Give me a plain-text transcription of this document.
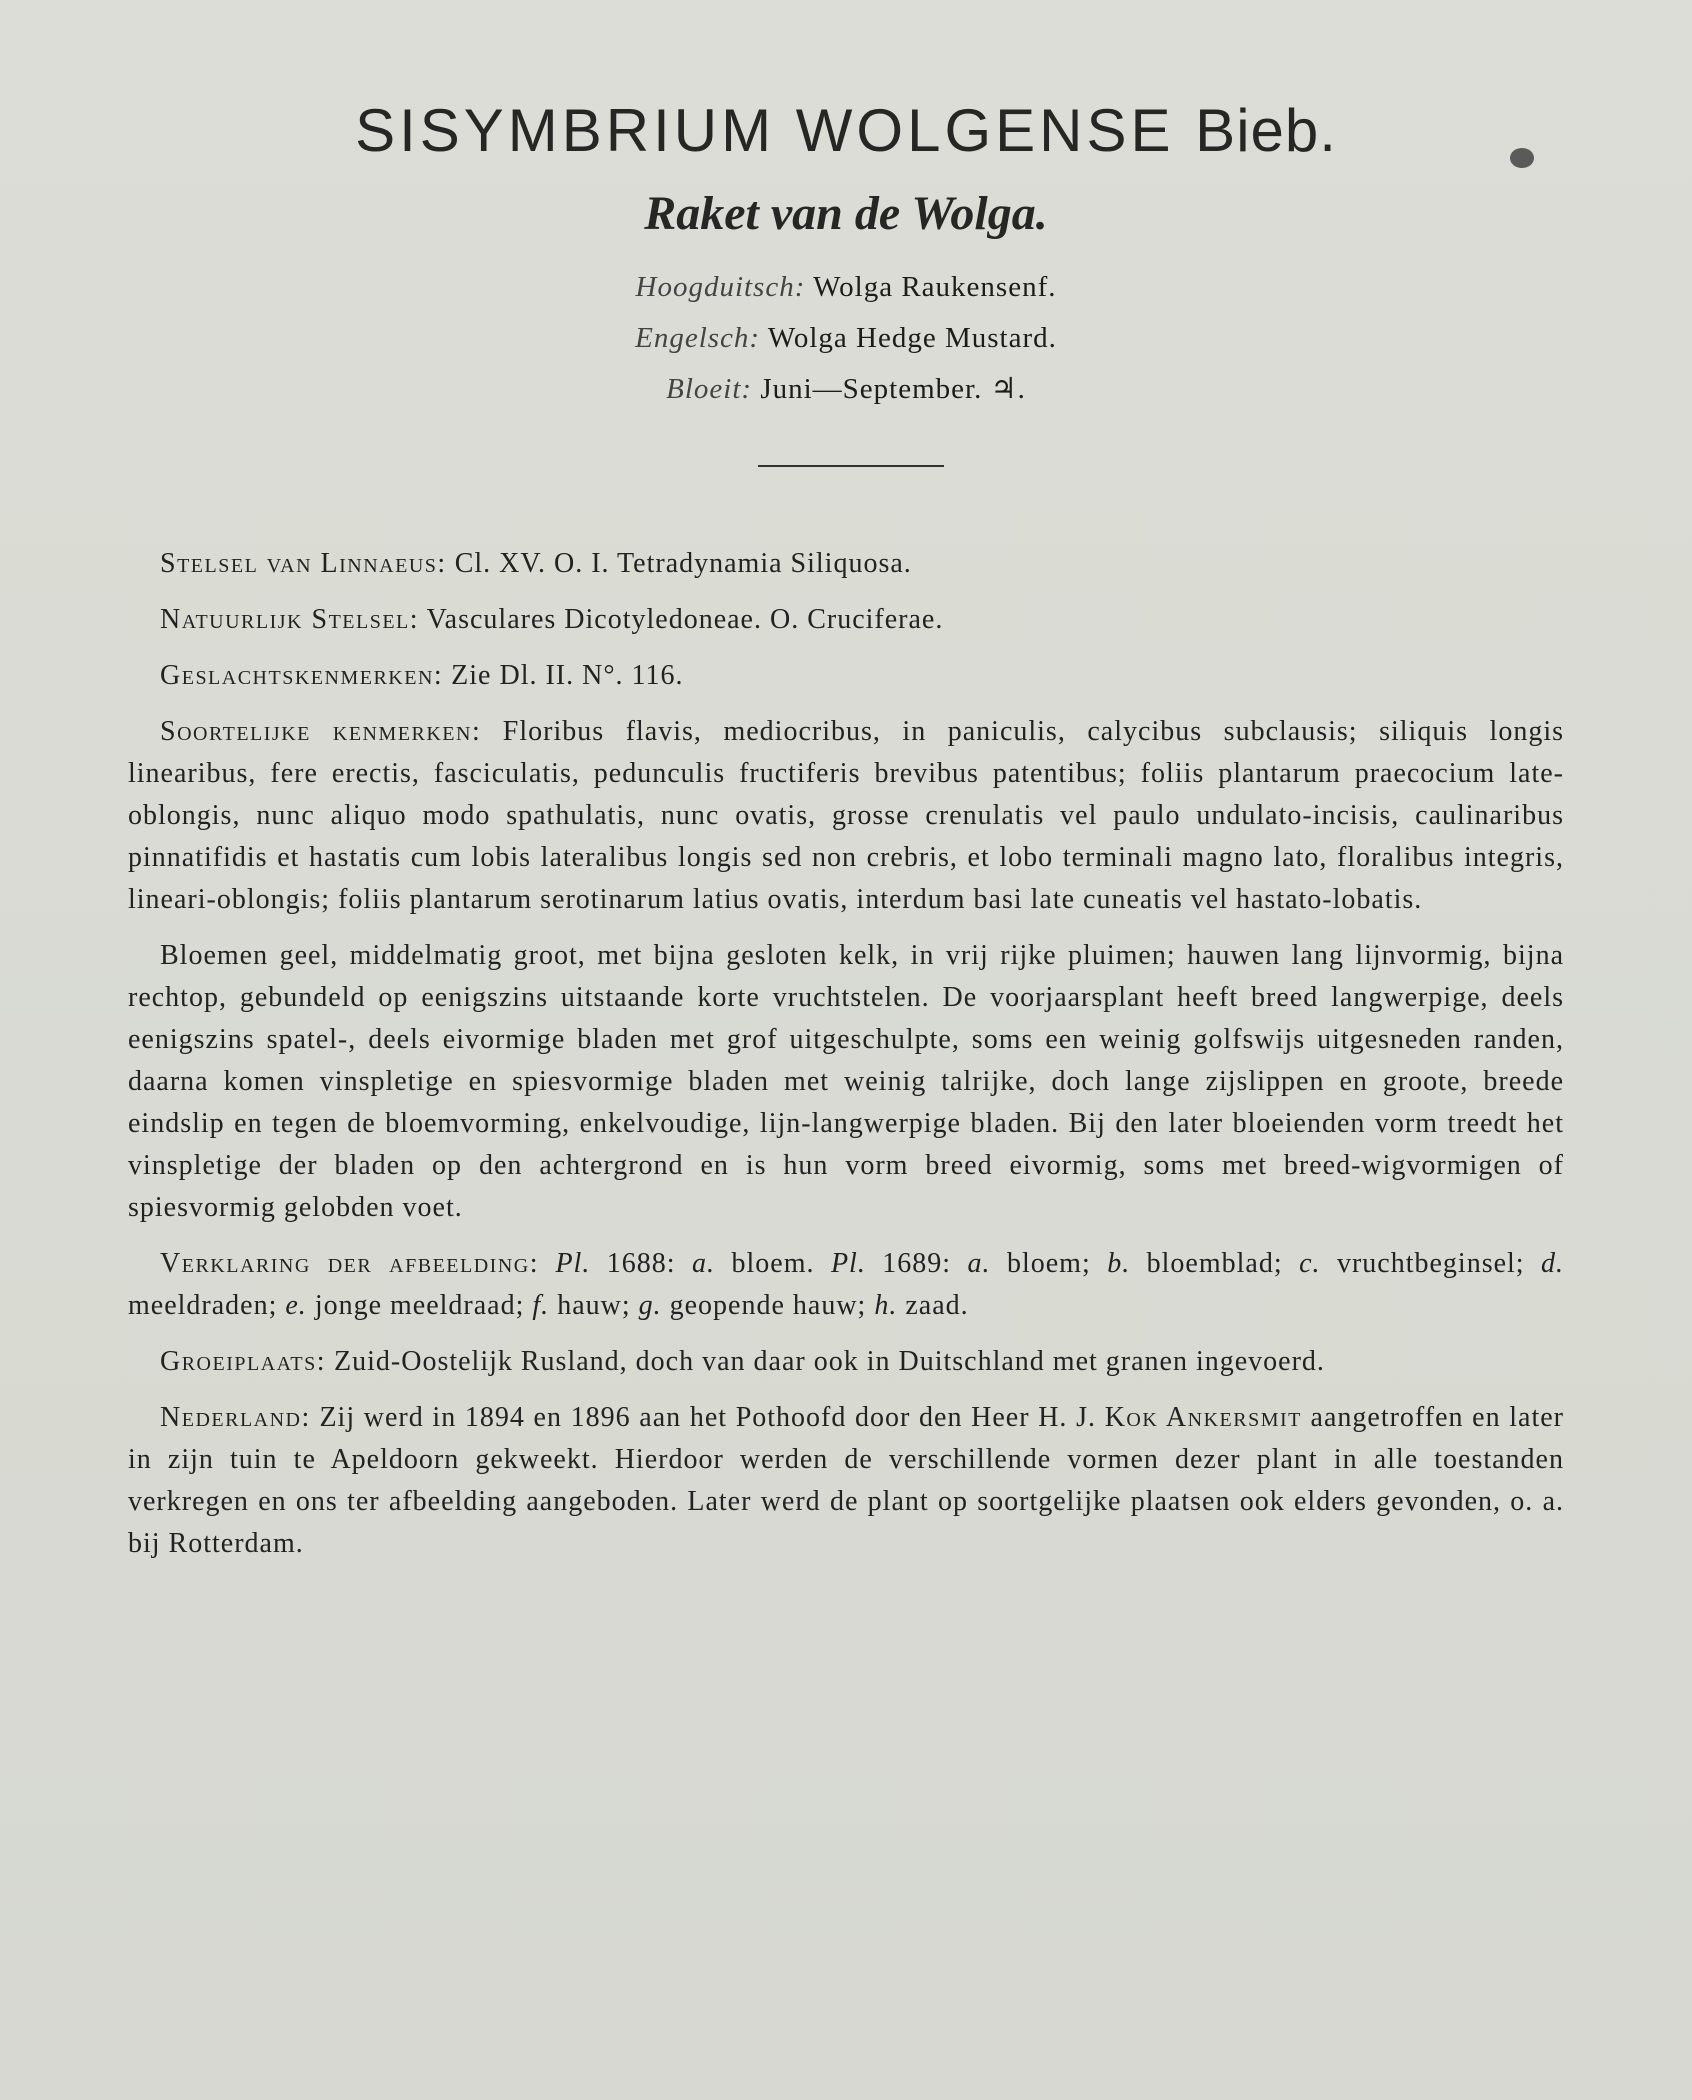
SISYMBRIUM WOLGENSE Bieb.
Raket van de Wolga.
Hoogduitsch: Wolga Raukensenf.
Engelsch: Wolga Hedge Mustard.
Bloeit: Juni—September. ♃.

Stelsel van Linnaeus: Cl. XV. O. I. Tetradynamia Siliquosa.

Natuurlijk Stelsel: Vasculares Dicotyledoneae. O. Cruciferae.

Geslachtskenmerken: Zie Dl. II. N°. 116.

Soortelijke kenmerken: Floribus flavis, mediocribus, in paniculis, calycibus subclausis; siliquis longis linearibus, fere erectis, fasciculatis, pedunculis fructiferis brevibus patentibus; foliis plantarum praecocium late-oblongis, nunc aliquo modo spathulatis, nunc ovatis, grosse crenulatis vel paulo undulato-incisis, caulinaribus pinnatifidis et hastatis cum lobis lateralibus longis sed non crebris, et lobo terminali magno lato, floralibus integris, lineari-oblongis; foliis plantarum serotinarum latius ovatis, interdum basi late cuneatis vel hastato-lobatis.

Bloemen geel, middelmatig groot, met bijna gesloten kelk, in vrij rijke pluimen; hauwen lang lijnvormig, bijna rechtop, gebundeld op eenigszins uitstaande korte vruchtstelen. De voorjaarsplant heeft breed langwerpige, deels eenigszins spatel-, deels eivormige bladen met grof uitgeschulpte, soms een weinig golfswijs uitgesneden randen, daarna komen vinspletige en spiesvormige bladen met weinig talrijke, doch lange zijslippen en groote, breede eindslip en tegen de bloemvorming, enkelvoudige, lijn-langwerpige bladen. Bij den later bloeienden vorm treedt het vinspletige der bladen op den achtergrond en is hun vorm breed eivormig, soms met breed-wigvormigen of spiesvormig gelobden voet.

Verklaring der afbeelding: Pl. 1688: a. bloem. Pl. 1689: a. bloem; b. bloemblad; c. vruchtbeginsel; d. meeldraden; e. jonge meeldraad; f. hauw; g. geopende hauw; h. zaad.

Groeiplaats: Zuid-Oostelijk Rusland, doch van daar ook in Duitschland met granen ingevoerd.

Nederland: Zij werd in 1894 en 1896 aan het Pothoofd door den Heer H. J. Kok Ankersmit aangetroffen en later in zijn tuin te Apeldoorn gekweekt. Hierdoor werden de verschillende vormen dezer plant in alle toestanden verkregen en ons ter afbeelding aangeboden. Later werd de plant op soortgelijke plaatsen ook elders gevonden, o. a. bij Rotterdam.
